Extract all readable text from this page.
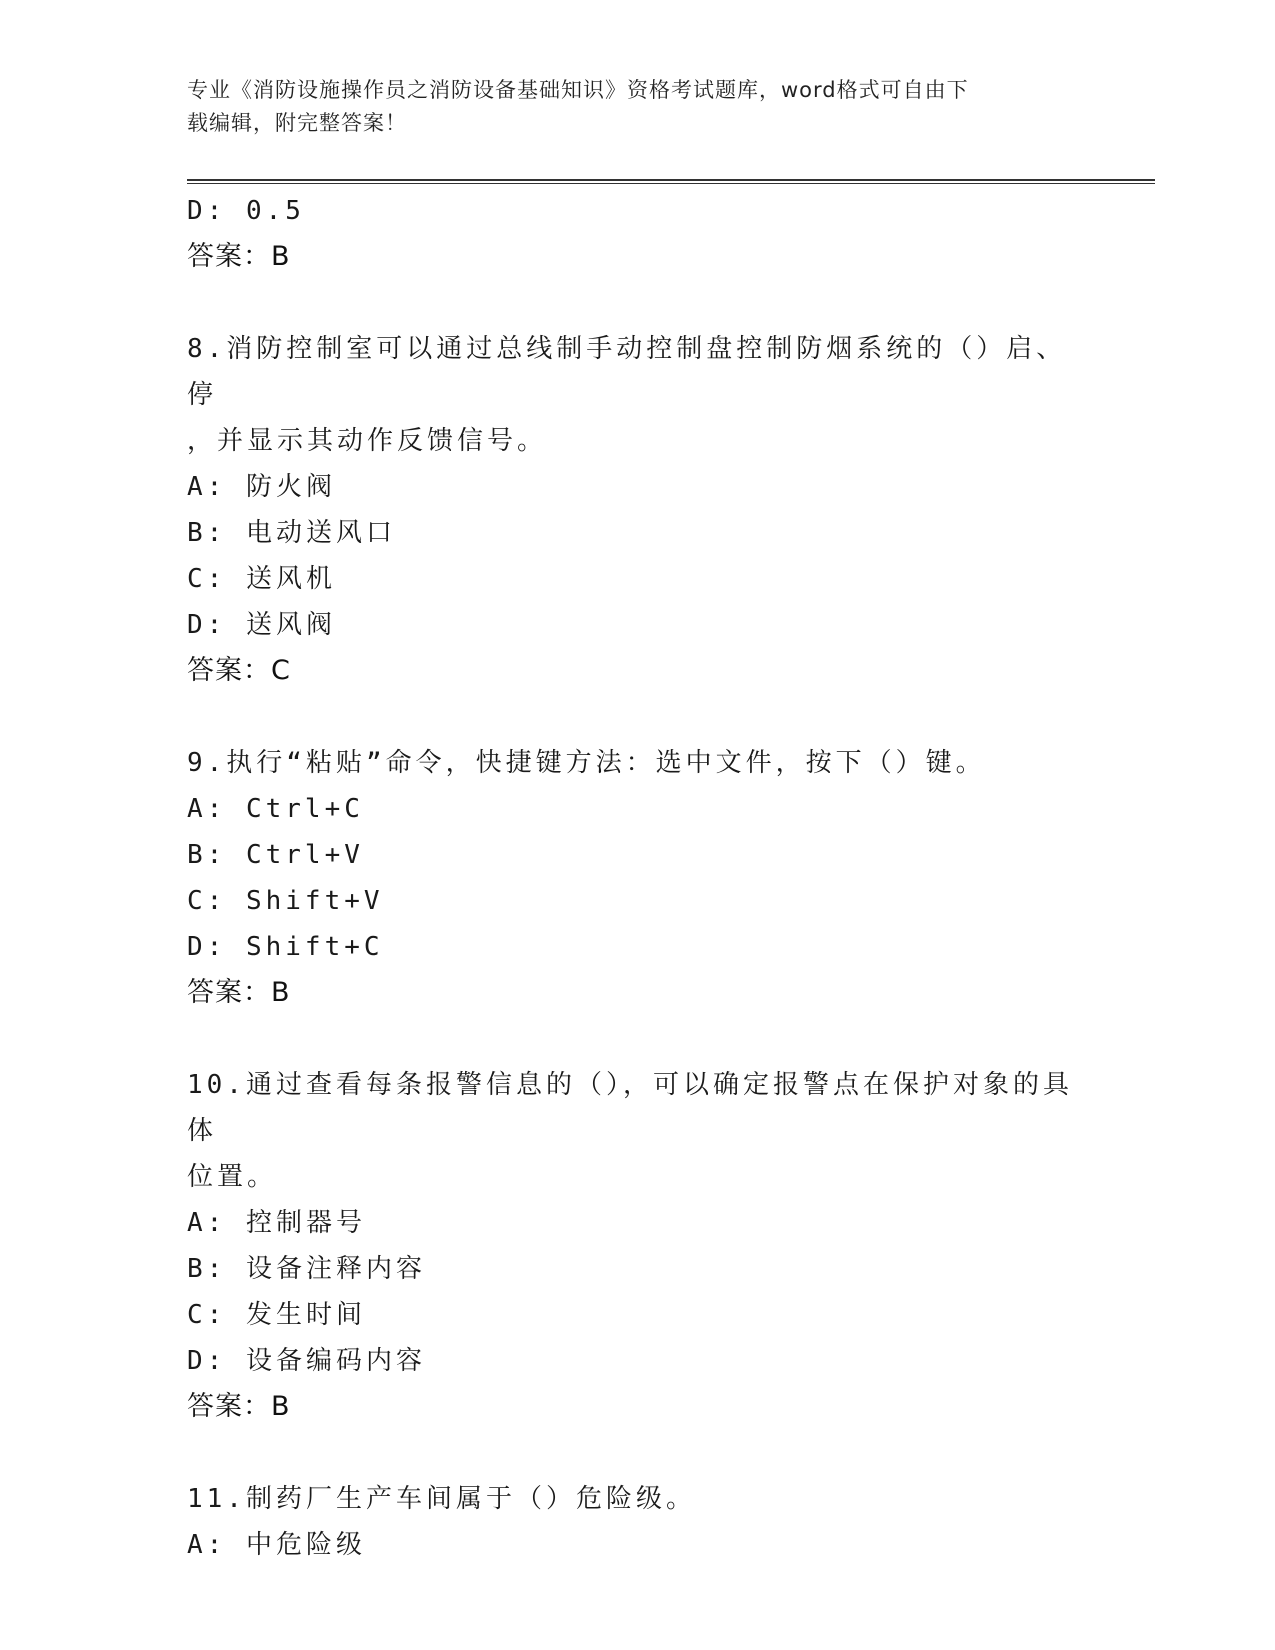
专业《消防设施操作员之消防设备基础知识》资格考试题库，word格式可自由下
载编辑，附完整答案！
D: 0.5
答案：B
8.消防控制室可以通过总线制手动控制盘控制防烟系统的（）启、停
，并显示其动作反馈信号。
A: 防火阀
B: 电动送风口
C: 送风机
D: 送风阀
答案：C
9.执行“粘贴”命令，快捷键方法：选中文件，按下（）键。
A: Ctrl+C
B: Ctrl+V
C: Shift+V
D: Shift+C
答案：B
10.通过查看每条报警信息的（），可以确定报警点在保护对象的具体
位置。
A: 控制器号
B: 设备注释内容
C: 发生时间
D: 设备编码内容
答案：B
11.制药厂生产车间属于（）危险级。
A: 中危险级
